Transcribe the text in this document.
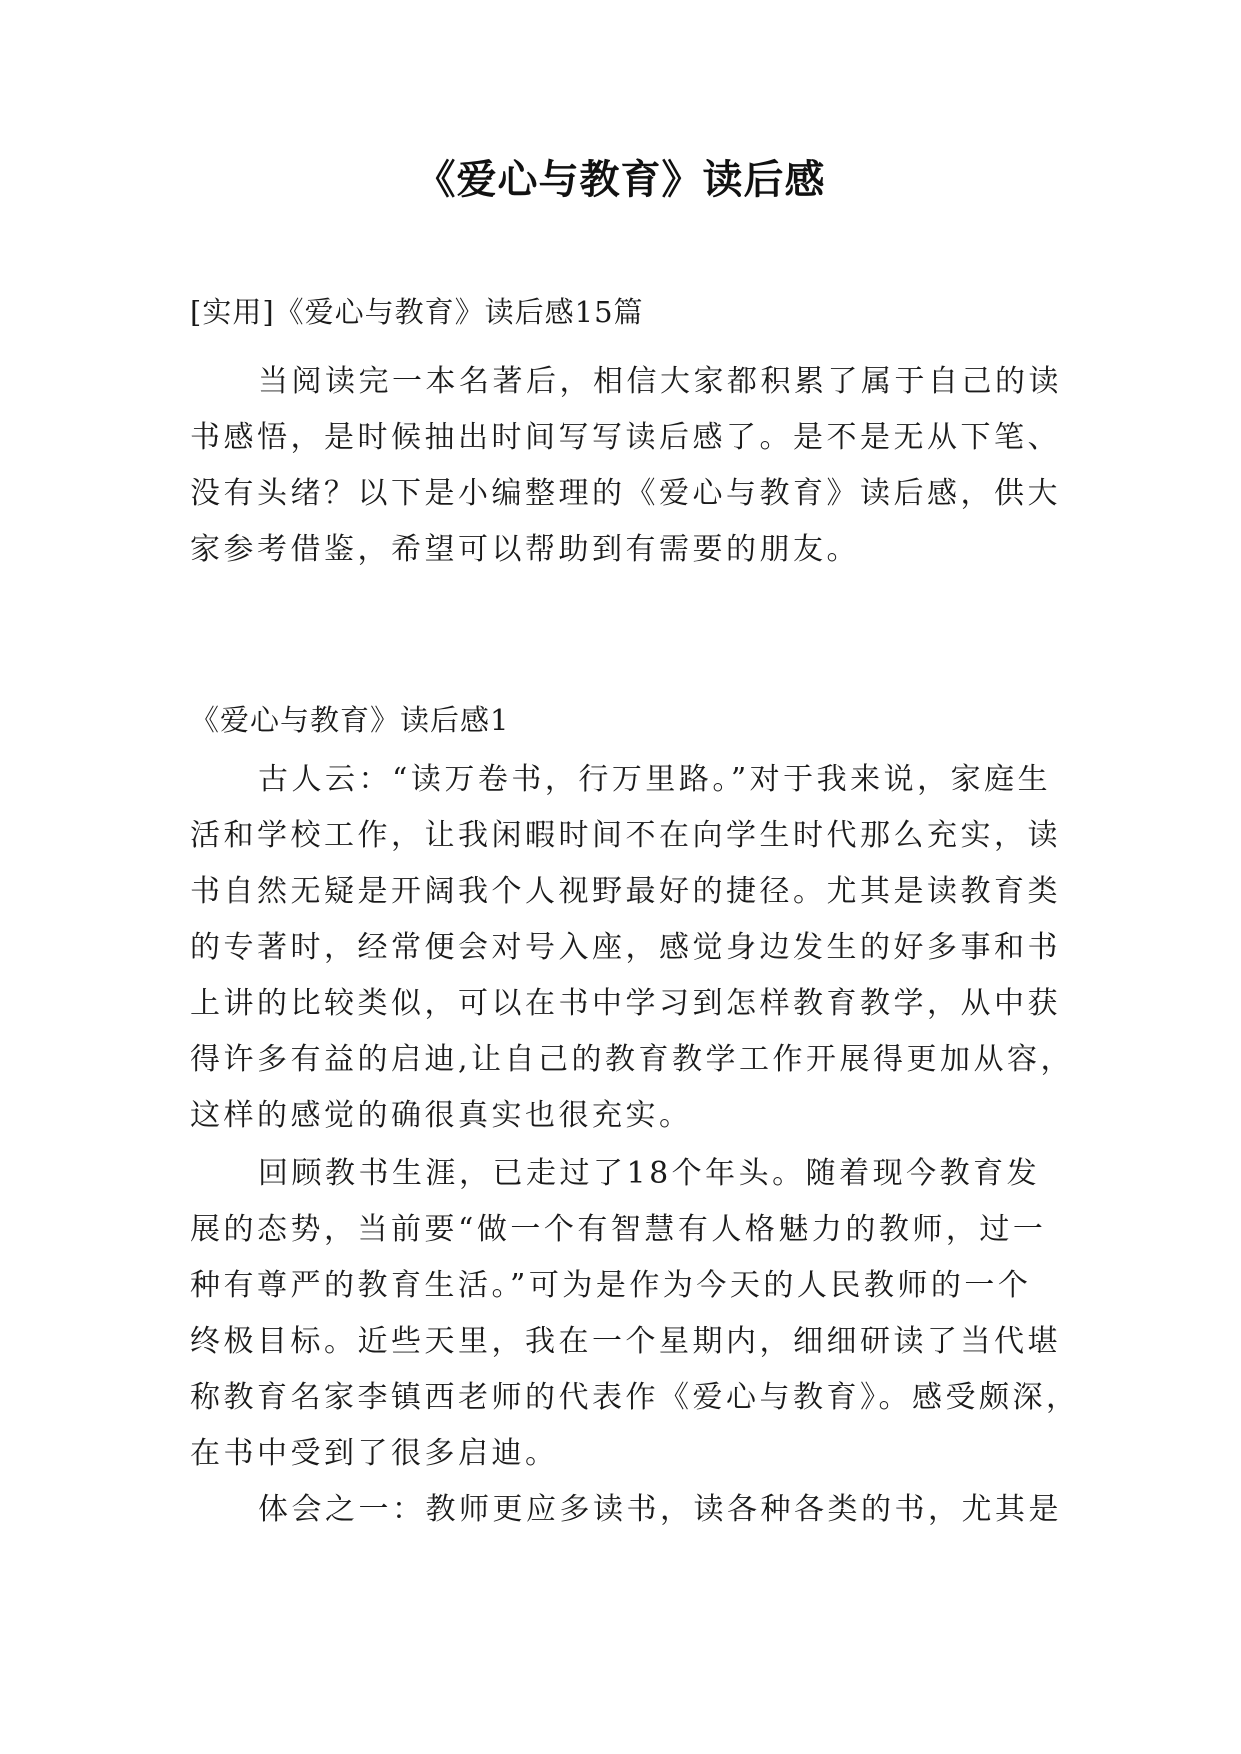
《爱心与教育》读后感
[实用]《爱心与教育》读后感15篇
当阅读完一本名著后，相信大家都积累了属于自己的读
书感悟，是时候抽出时间写写读后感了。是不是无从下笔、
没有头绪？以下是小编整理的《爱心与教育》读后感，供大
家参考借鉴，希望可以帮助到有需要的朋友。
《爱心与教育》读后感1
古人云：“读万卷书，行万里路。”对于我来说，家庭生
活和学校工作，让我闲暇时间不在向学生时代那么充实，读
书自然无疑是开阔我个人视野最好的捷径。尤其是读教育类
的专著时，经常便会对号入座，感觉身边发生的好多事和书
上讲的比较类似，可以在书中学习到怎样教育教学，从中获
得许多有益的启迪,让自己的教育教学工作开展得更加从容，
这样的感觉的确很真实也很充实。
回顾教书生涯，已走过了18个年头。随着现今教育发
展的态势，当前要“做一个有智慧有人格魅力的教师，过一
种有尊严的教育生活。”可为是作为今天的人民教师的一个
终极目标。近些天里，我在一个星期内，细细研读了当代堪
称教育名家李镇西老师的代表作《爱心与教育》。感受颇深，
在书中受到了很多启迪。
体会之一：教师更应多读书，读各种各类的书，尤其是
